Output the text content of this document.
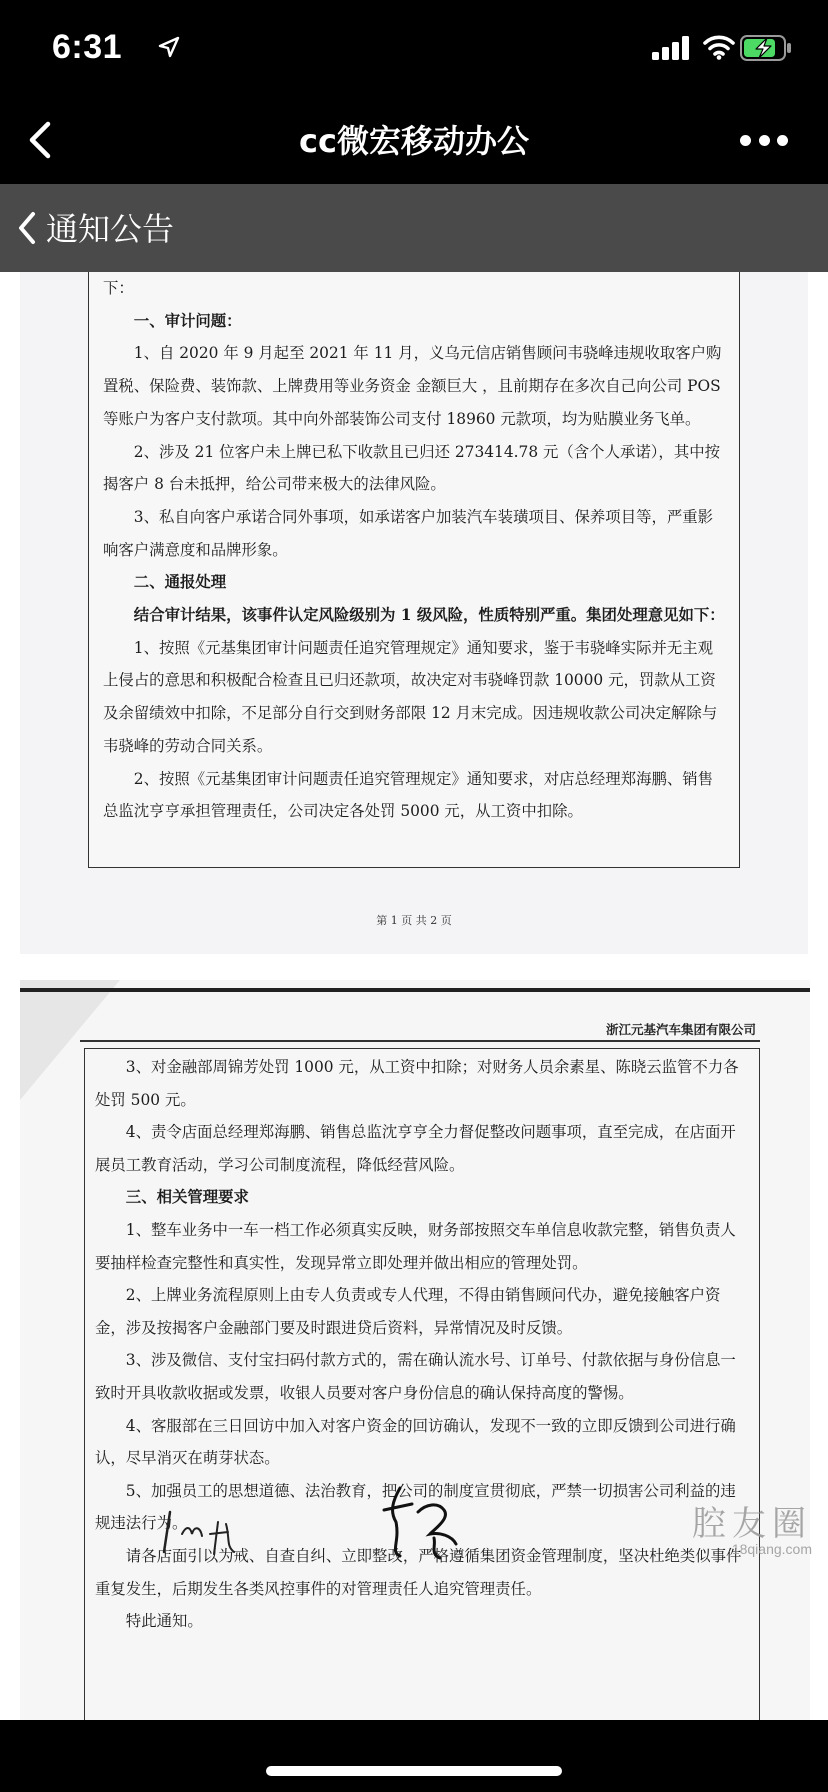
6:31
cc微宏移动办公
通知公告

下：

一、审计问题：

1、自 2020 年 9 月起至 2021 年 11 月，义乌元信店销售顾问韦骁峰违规收取客户购置税、保险费、装饰款、上牌费用等业务资金 金额巨大 ，且前期存在多次自己向公司 POS 等账户为客户支付款项。其中向外部装饰公司支付 18960 元款项，均为贴膜业务飞单。

2、涉及 21 位客户未上牌已私下收款且已归还 273414.78 元（含个人承诺），其中按揭客户 8 台未抵押，给公司带来极大的法律风险。

3、私自向客户承诺合同外事项，如承诺客户加装汽车装璜项目、保养项目等，严重影响客户满意度和品牌形象。

二、通报处理

结合审计结果，该事件认定风险级别为 1 级风险，性质特别严重。集团处理意见如下：

1、按照《元基集团审计问题责任追究管理规定》通知要求，鉴于韦骁峰实际并无主观上侵占的意思和积极配合检查且已归还款项，故决定对韦骁峰罚款 10000 元，罚款从工资及余留绩效中扣除，不足部分自行交到财务部限 12 月末完成。因违规收款公司决定解除与韦骁峰的劳动合同关系。

2、按照《元基集团审计问题责任追究管理规定》通知要求，对店总经理郑海鹏、销售总监沈亨亨承担管理责任，公司决定各处罚 5000 元，从工资中扣除。

第 1 页 共 2 页
浙江元基汽车集团有限公司

3、对金融部周锦芳处罚 1000 元，从工资中扣除；对财务人员余素星、陈晓云监管不力各处罚 500 元。

4、责令店面总经理郑海鹏、销售总监沈亨亨全力督促整改问题事项，直至完成，在店面开展员工教育活动，学习公司制度流程，降低经营风险。

三、相关管理要求

1、整车业务中一车一档工作必须真实反映，财务部按照交车单信息收款完整，销售负责人要抽样检查完整性和真实性，发现异常立即处理并做出相应的管理处罚。

2、上牌业务流程原则上由专人负责或专人代理，不得由销售顾问代办，避免接触客户资金，涉及按揭客户金融部门要及时跟进贷后资料，异常情况及时反馈。

3、涉及微信、支付宝扫码付款方式的，需在确认流水号、订单号、付款依据与身份信息一致时开具收款收据或发票，收银人员要对客户身份信息的确认保持高度的警惕。

4、客服部在三日回访中加入对客户资金的回访确认，发现不一致的立即反馈到公司进行确认，尽早消灭在萌芽状态。

5、加强员工的思想道德、法治教育，把公司的制度宣贯彻底，严禁一切损害公司利益的违规违法行为。

请各店面引以为戒、自查自纠、立即整改，严格遵循集团资金管理制度，坚决杜绝类似事件重复发生，后期发生各类风控事件的对管理责任人追究管理责任。

特此通知。

腔友圈
18qiang.com
